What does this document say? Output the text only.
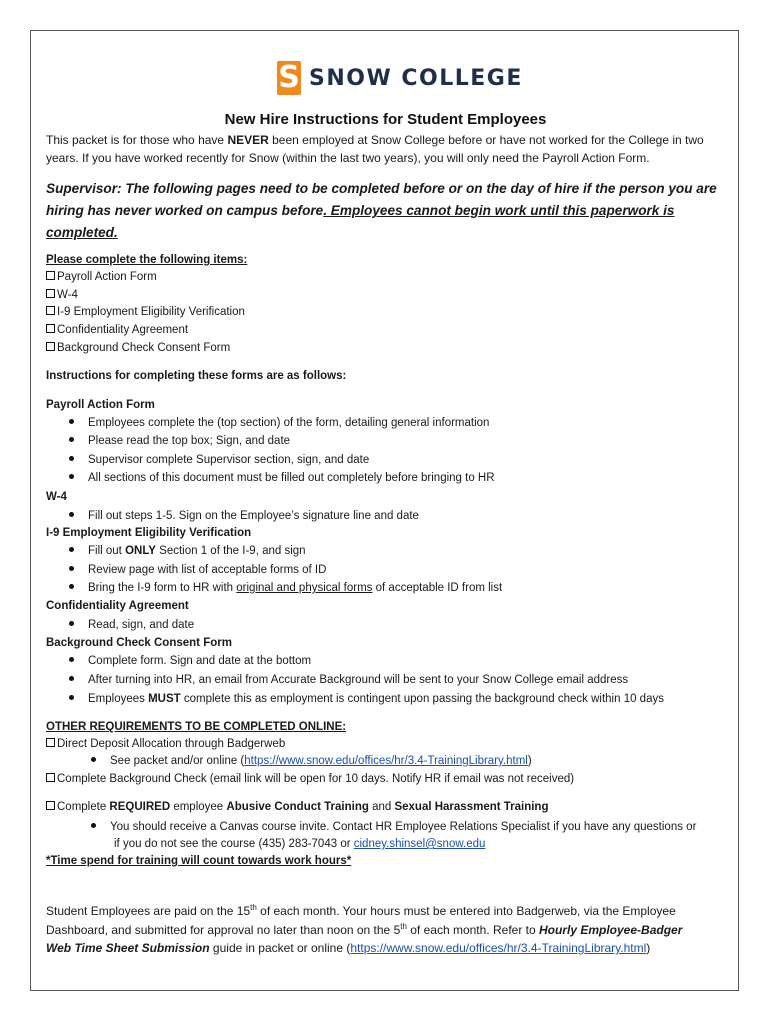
S SNOW COLLEGE
New Hire Instructions for Student Employees
This packet is for those who have NEVER been employed at Snow College before or have not worked for the College in two years. If you have worked recently for Snow (within the last two years), you will only need the Payroll Action Form.
Supervisor: The following pages need to be completed before or on the day of hire if the person you are hiring has never worked on campus before. Employees cannot begin work until this paperwork is completed.
Please complete the following items:
Payroll Action Form
W-4
I-9 Employment Eligibility Verification
Confidentiality Agreement
Background Check Consent Form
Instructions for completing these forms are as follows:
Payroll Action Form
Employees complete the (top section) of the form, detailing general information
Please read the top box; Sign, and date
Supervisor complete Supervisor section, sign, and date
All sections of this document must be filled out completely before bringing to HR
W-4
Fill out steps 1-5. Sign on the Employee’s signature line and date
I-9 Employment Eligibility Verification
Fill out ONLY Section 1 of the I-9, and sign
Review page with list of acceptable forms of ID
Bring the I-9 form to HR with original and physical forms of acceptable ID from list
Confidentiality Agreement
Read, sign, and date
Background Check Consent Form
Complete form. Sign and date at the bottom
After turning into HR, an email from Accurate Background will be sent to your Snow College email address
Employees MUST complete this as employment is contingent upon passing the background check within 10 days
OTHER REQUIREMENTS TO BE COMPLETED ONLINE:
Direct Deposit Allocation through Badgerweb
See packet and/or online (https://www.snow.edu/offices/hr/3.4-TrainingLibrary.html)
Complete Background Check (email link will be open for 10 days. Notify HR if email was not received)
Complete REQUIRED employee Abusive Conduct Training and Sexual Harassment Training
You should receive a Canvas course invite. Contact HR Employee Relations Specialist if you have any questions or
if you do not see the course (435) 283-7043 or cidney.shinsel@snow.edu
*Time spend for training will count towards work hours*
Student Employees are paid on the 15th of each month. Your hours must be entered into Badgerweb, via the Employee
Dashboard, and submitted for approval no later than noon on the 5th of each month. Refer to Hourly Employee-Badger
Web Time Sheet Submission guide in packet or online (https://www.snow.edu/offices/hr/3.4-TrainingLibrary.html)
